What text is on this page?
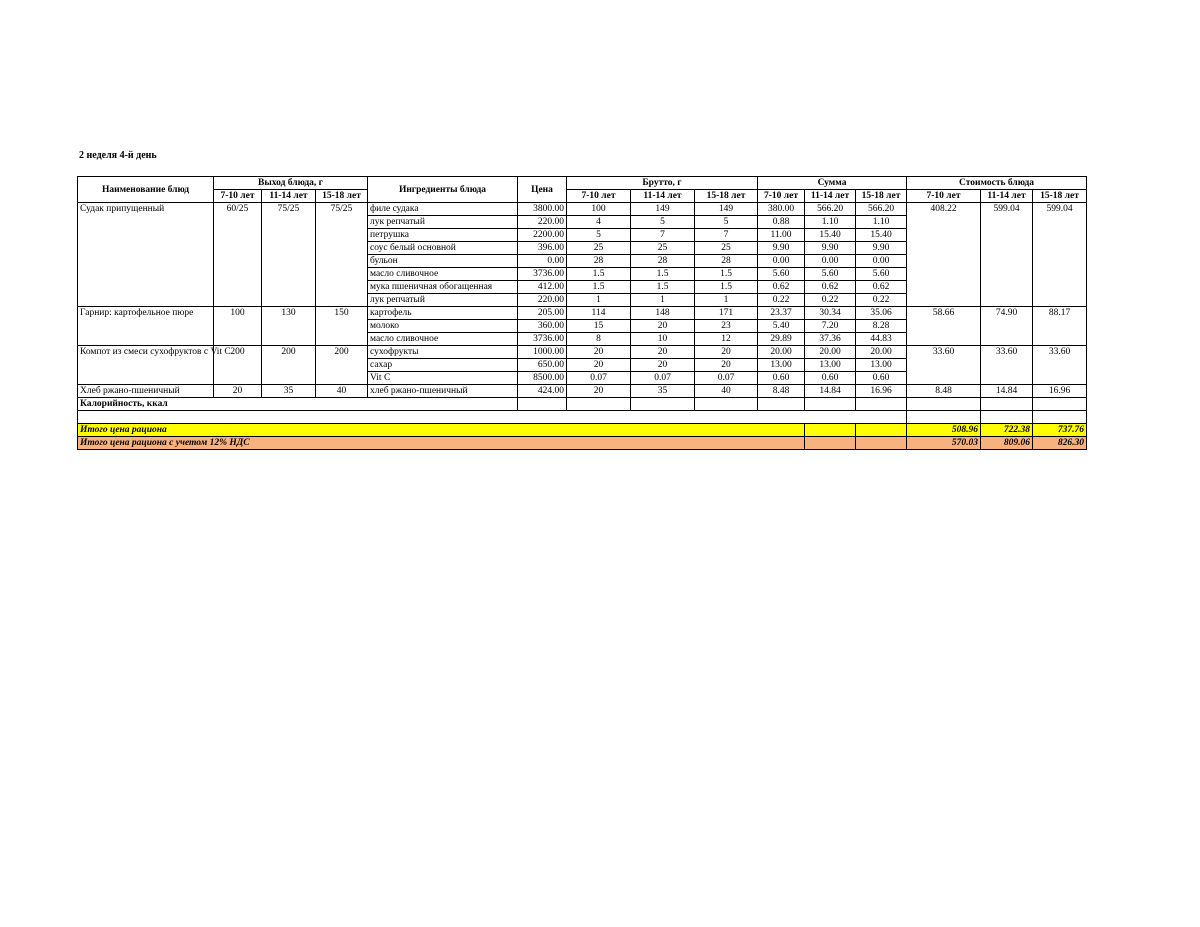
2 неделя 4-й день
Наименование блюд	Выход блюда, г			Ингредиенты блюда	Цена	Брутто, г			Сумма			Стоимость блюда		
	7-10 лет	11-14 лет	15-18 лет			7-10 лет	11-14 лет	15-18 лет	7-10 лет	11-14 лет	15-18 лет	7-10 лет	11-14 лет	15-18 лет
Судак припущенный	60/25	75/25	75/25	филе судака	3800.00	100	149	149	380.00	566.20	566.20	408.22	599.04	599.04
				лук репчатый	220.00	4	5	5	0.88	1.10	1.10			
				петрушка	2200.00	5	7	7	11.00	15.40	15.40			
				соус белый основной	396.00	25	25	25	9.90	9.90	9.90			
				бульон	0.00	28	28	28	0.00	0.00	0.00			
				масло сливочное	3736.00	1.5	1.5	1.5	5.60	5.60	5.60			
				мука пшеничная обогащенная	412.00	1.5	1.5	1.5	0.62	0.62	0.62			
				лук репчатый	220.00	1	1	1	0.22	0.22	0.22			
Гарнир: картофельное пюре	100	130	150	картофель	205.00	114	148	171	23.37	30.34	35.06	58.66	74.90	88.17
				молоко	360.00	15	20	23	5.40	7.20	8.28			
				масло сливочное	3736.00	8	10	12	29.89	37.36	44.83			
Компот из смеси сухофруктов с Vit C	200	200	200	сухофрукты	1000.00	20	20	20	20.00	20.00	20.00	33.60	33.60	33.60
				сахар	650.00	20	20	20	13.00	13.00	13.00			
				Vit C	8500.00	0.07	0.07	0.07	0.60	0.60	0.60			
Хлеб ржано-пшеничный	20	35	40	хлеб ржано-пшеничный	424.00	20	35	40	8.48	14.84	16.96	8.48	14.84	16.96
Калорийность, ккал														

Итого цена рациона												508.96	722.38	737.76
Итого цена рациона с учетом 12% НДС												570.03	809.06	826.30
